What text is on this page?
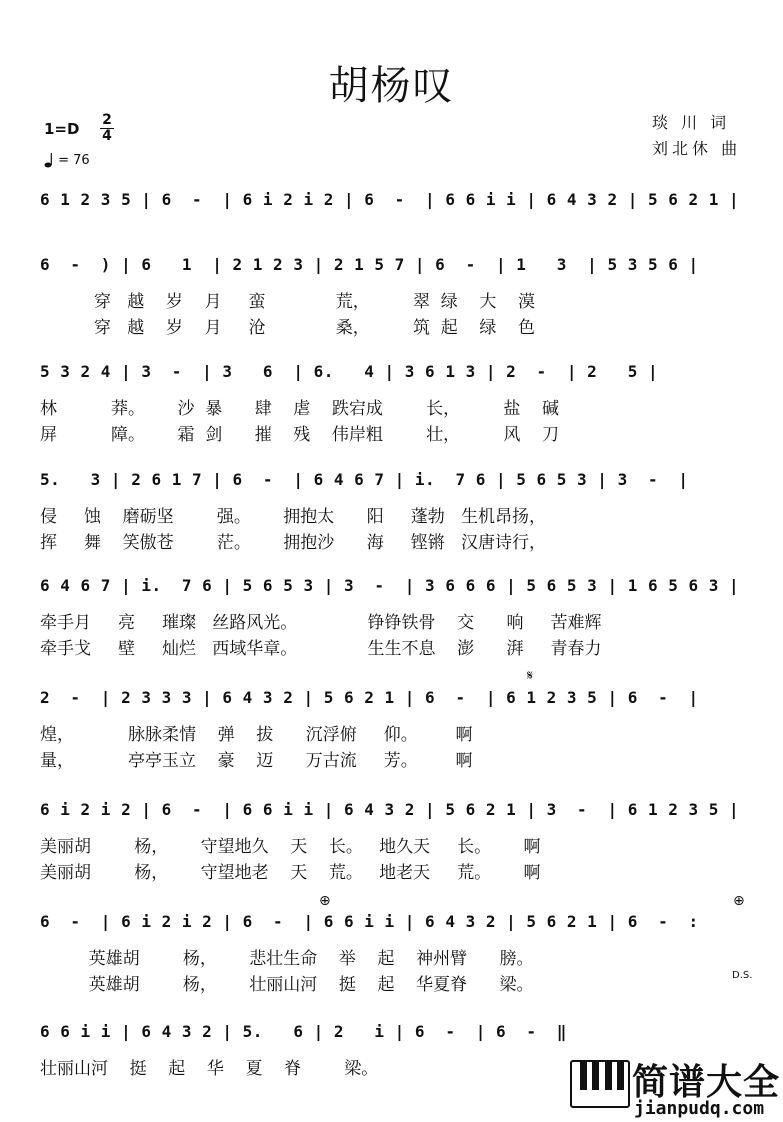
胡杨叹
1=D 2
4
= 76
琰 川 词
刘北休 曲
6 1 2 3 5 | 6  -  | 6 i 2 i 2 | 6  -  | 6 6 i i | 6 4 3 2 | 5 6 2 1 |
6  -  ) | 6   1  | 2 1 2 3 | 2 1 5 7 | 6  -  | 1   3  | 5 3 5 6 |
穿   越    岁    月     蛮             荒，        翠  绿    大    漠
穿   越    岁    月     沧             桑，        筑  起    绿    色
5 3 2 4 | 3  -  | 3   6  | 6.   4 | 3 6 1 3 | 2  -  | 2   5 |
林          莽。      沙  暴      肆    虐    跌宕成        长，        盐    碱
屏          障。      霜  剑      摧    残    伟岸粗        壮，        风    刀
5.   3 | 2 6 1 7 | 6  -  | 6 4 6 7 | i.  7 6 | 5 6 5 3 | 3  -  |
侵     蚀    磨砺坚        强。      拥抱太      阳     蓬勃   生机昂扬，
挥     舞    笑傲苍        茫。      拥抱沙      海     铿锵   汉唐诗行，
6 4 6 7 | i.  7 6 | 5 6 5 3 | 3  -  | 3 6 6 6 | 5 6 5 3 | 1 6 5 6 3 |
牵手月     亮     璀璨   丝路风光。             铮铮铁骨    交      响     苦难辉
牵手戈     壁     灿烂   西域华章。             生生不息    澎      湃     青春力
2  -  | 2 3 3 3 | 6 4 3 2 | 5 6 2 1 | 6  -  | 6 1 2 3 5 | 6  -  |
煌，          脉脉柔情    弹    拔      沉浮俯     仰。       啊
量，          亭亭玉立    豪    迈      万古流     芳。       啊
6 i 2 i 2 | 6  -  | 6 6 i i | 6 4 3 2 | 5 6 2 1 | 3  -  | 6 1 2 3 5 |
美丽胡        杨，      守望地久    天    长。   地久天     长。      啊
美丽胡        杨，      守望地老    天    荒。   地老天     荒。      啊
6  -  | 6 i 2 i 2 | 6  -  | 6 6 i i | 6 4 3 2 | 5 6 2 1 | 6  -  :
英雄胡        杨，      悲壮生命    举    起    神州臂      膀。
英雄胡        杨，      壮丽山河    挺    起    华夏脊      梁。
6 6 i i | 6 4 3 2 | 5.   6 | 2   i | 6  -  | 6  -  ‖
壮丽山河    挺    起    华    夏    脊        梁。
𝄋
⊕	⊕
D.S.
简谱大全
jianpudq.com
